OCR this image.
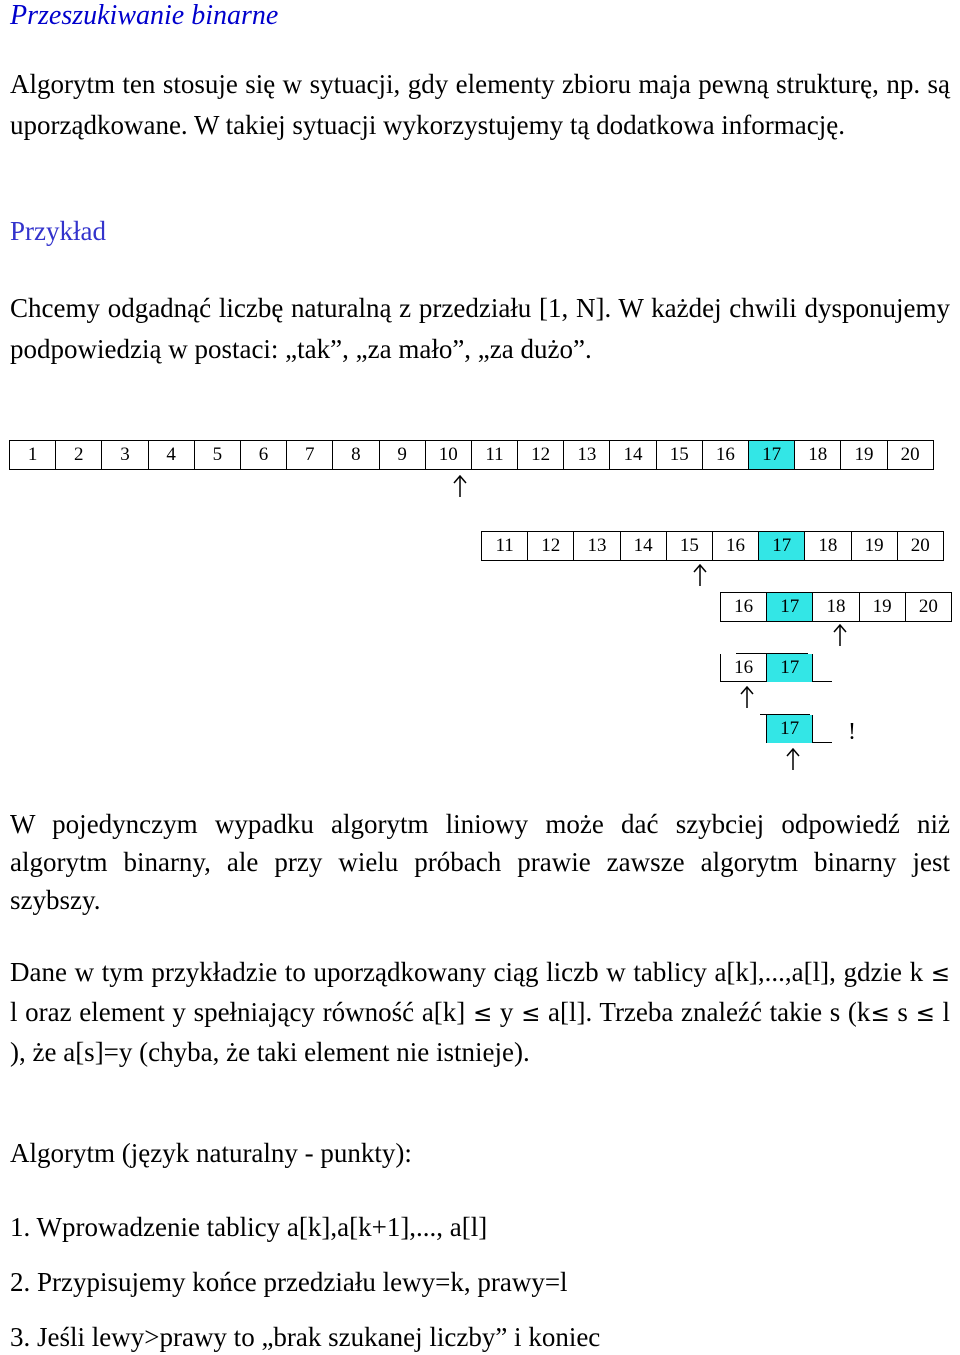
Przeszukiwanie binarne

Algorytm ten stosuje się w sytuacji, gdy elementy zbioru maja pewną strukturę, np. są uporządkowane. W takiej sytuacji wykorzystujemy tą dodatkowa informację.

Przykład

Chcemy odgadnąć liczbę naturalną z przedziału [1, N]. W każdej chwili dysponujemy podpowiedzią w postaci: „tak”, „za mało”, „za dużo”.

1	2	3	4	5	6	7	8	9	10	11	12	13	14	15	16	17	18	19	20
11	12	13	14	15	16	17	18	19	20
16	17	18	19	20
16	17
17	!

W pojedynczym wypadku algorytm liniowy może dać szybciej odpowiedź niż algorytm binarny, ale przy wielu próbach prawie zawsze algorytm binarny jest szybszy.

Dane w tym przykładzie to uporządkowany ciąg liczb w tablicy a[k],...,a[l], gdzie k ≤ l oraz element y spełniający równość a[k] ≤ y ≤ a[l]. Trzeba znaleźć takie s (k≤ s ≤ l ), że a[s]=y (chyba, że taki element nie istnieje).

Algorytm (język naturalny - punkty):

1. Wprowadzenie tablicy a[k],a[k+1],..., a[l]

2. Przypisujemy końce przedziału lewy=k, prawy=l

3. Jeśli lewy>prawy to „brak szukanej liczby” i koniec
